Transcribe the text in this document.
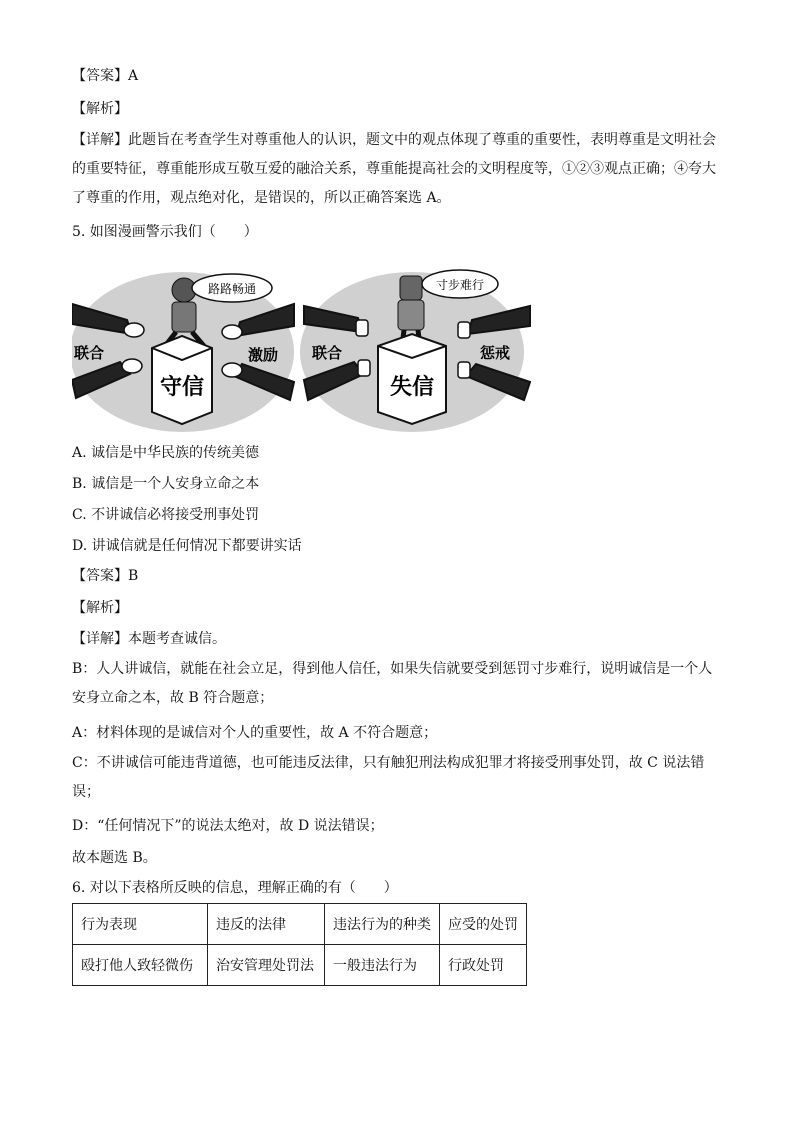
【答案】A
【解析】
【详解】此题旨在考查学生对尊重他人的认识，题文中的观点体现了尊重的重要性，表明尊重是文明社会的重要特征，尊重能形成互敬互爱的融洽关系，尊重能提高社会的文明程度等，①②③观点正确；④夸大了尊重的作用，观点绝对化，是错误的，所以正确答案选 A。
5. 如图漫画警示我们（　　）
路路畅通
联合	激励
守信
寸步难行
联合	惩戒
失信
A. 诚信是中华民族的传统美德
B. 诚信是一个人安身立命之本
C. 不讲诚信必将接受刑事处罚
D. 讲诚信就是任何情况下都要讲实话
【答案】B
【解析】
【详解】本题考查诚信。
B：人人讲诚信，就能在社会立足，得到他人信任，如果失信就要受到惩罚寸步难行，说明诚信是一个人安身立命之本，故 B 符合题意；
A：材料体现的是诚信对个人的重要性，故 A 不符合题意；
C：不讲诚信可能违背道德，也可能违反法律，只有触犯刑法构成犯罪才将接受刑事处罚，故 C 说法错误；
D：“任何情况下”的说法太绝对，故 D 说法错误；
故本题选 B。
6. 对以下表格所反映的信息，理解正确的有（　　）
行为表现	违反的法律	违法行为的种类	应受的处罚
殴打他人致轻微伤	治安管理处罚法	一般违法行为	行政处罚
